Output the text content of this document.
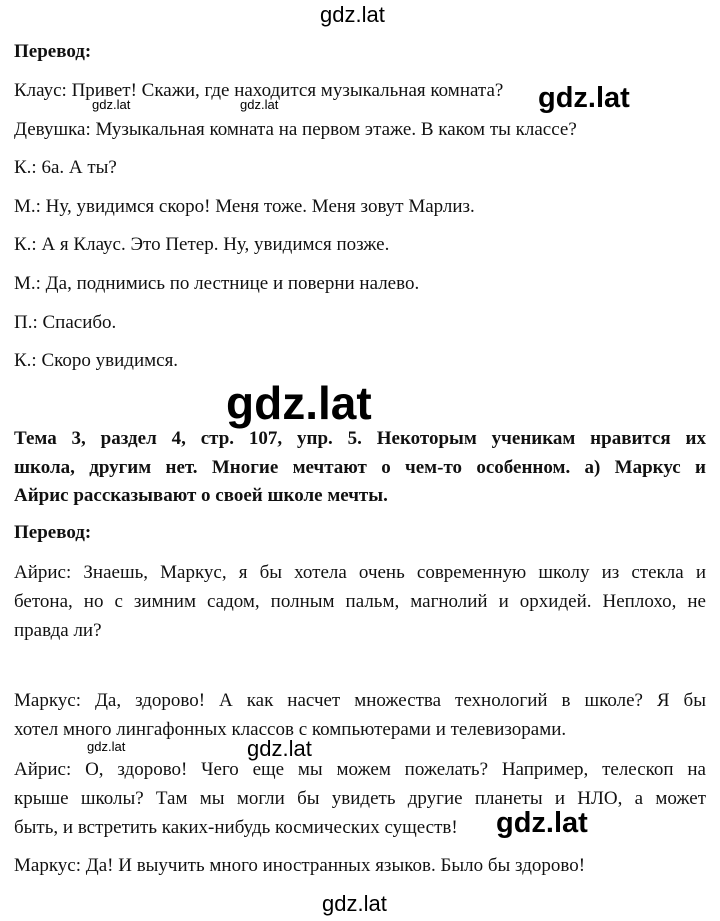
Перевод:
Клаус: Привет! Скажи, где находится музыкальная комната?
Девушка: Музыкальная комната на первом этаже. В каком ты классе?
К.: 6а. А ты?
М.: Ну, увидимся скоро! Меня тоже. Меня зовут Марлиз.
К.: А я Клаус. Это Петер. Ну, увидимся позже.
М.: Да, поднимись по лестнице и поверни налево.
П.: Спасибо.
К.: Скоро увидимся.
Тема 3, раздел 4, стр. 107, упр. 5. Некоторым ученикам нравится их
школа, другим нет. Многие мечтают о чем-то особенном. а) Маркус и
Айрис рассказывают о своей школе мечты.
Перевод:
Айрис: Знаешь, Маркус, я бы хотела очень современную школу из стекла и
бетона, но с зимним садом, полным пальм, магнолий и орхидей. Неплохо, не
правда ли?
Маркус: Да, здорово! А как насчет множества технологий в школе? Я бы
хотел много лингафонных классов с компьютерами и телевизорами.
Айрис: О, здорово! Чего еще мы можем пожелать? Например, телескоп на
крыше школы? Там мы могли бы увидеть другие планеты и НЛО, а может
быть, и встретить каких-нибудь космических существ!
Маркус: Да! И выучить много иностранных языков. Было бы здорово!
gdz.lat
gdz.lat	gdz.lat	gdz.lat
gdz.lat
gdz.lat	gdz.lat
gdz.lat
gdz.lat
